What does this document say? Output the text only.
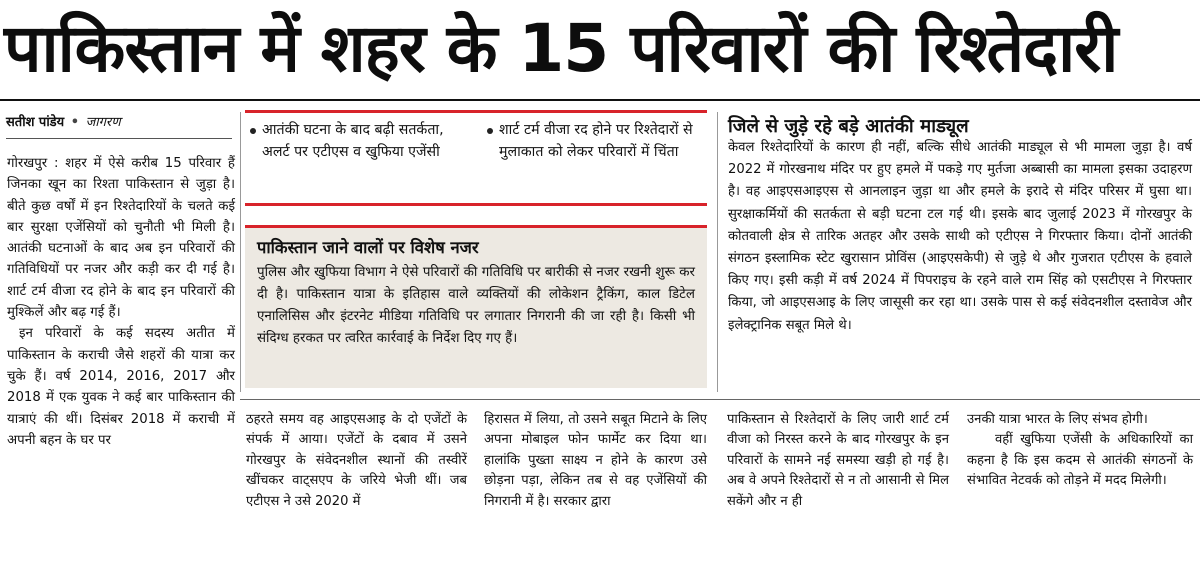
पाकिस्तान में शहर के 15 परिवारों की रिश्तेदारी
सतीश पांडेय • जागरण

गोरखपुर : शहर में ऐसे करीब 15 परिवार हैं जिनका खून का रिश्ता पाकिस्तान से जुड़ा है। बीते कुछ वर्षों में इन रिश्तेदारियों के चलते कई बार सुरक्षा एजेंसियों को चुनौती भी मिली है। आतंकी घटनाओं के बाद अब इन परिवारों की गतिविधियों पर नजर और कड़ी कर दी गई है। शार्ट टर्म वीजा रद होने के बाद इन परिवारों की मुश्किलें और बढ़ गई हैं।

इन परिवारों के कई सदस्य अतीत में पाकिस्तान के कराची जैसे शहरों की यात्रा कर चुके हैं। वर्ष 2014, 2016, 2017 और 2018 में एक युवक ने कई बार पाकिस्तान की यात्राएं की थीं। दिसंबर 2018 में कराची में अपनी बहन के घर पर

आतंकी घटना के बाद बढ़ी सतर्कता, अलर्ट पर एटीएस व खुफिया एजेंसी
शार्ट टर्म वीजा रद होने पर रिश्तेदारों से मुलाकात को लेकर परिवारों में चिंता
पाकिस्तान जाने वालों पर विशेष नजर

पुलिस और खुफिया विभाग ने ऐसे परिवारों की गतिविधि पर बारीकी से नजर रखनी शुरू कर दी है। पाकिस्तान यात्रा के इतिहास वाले व्यक्तियों की लोकेशन ट्रैकिंग, काल डिटेल एनालिसिस और इंटरनेट मीडिया गतिविधि पर लगातार निगरानी की जा रही है। किसी भी संदिग्ध हरकत पर त्वरित कार्रवाई के निर्देश दिए गए हैं।

जिले से जुड़े रहे बड़े आतंकी माड्यूल

केवल रिश्तेदारियों के कारण ही नहीं, बल्कि सीधे आतंकी माड्यूल से भी मामला जुड़ा है। वर्ष 2022 में गोरखनाथ मंदिर पर हुए हमले में पकड़े गए मुर्तजा अब्बासी का मामला इसका उदाहरण है। वह आइएसआइएस से आनलाइन जुड़ा था और हमले के इरादे से मंदिर परिसर में घुसा था। सुरक्षाकर्मियों की सतर्कता से बड़ी घटना टल गई थी। इसके बाद जुलाई 2023 में गोरखपुर के कोतवाली क्षेत्र से तारिक अतहर और उसके साथी को एटीएस ने गिरफ्तार किया। दोनों आतंकी संगठन इस्लामिक स्टेट खुरासान प्रोविंस (आइएसकेपी) से जुड़े थे और गुजरात एटीएस के हवाले किए गए। इसी कड़ी में वर्ष 2024 में पिपराइच के रहने वाले राम सिंह को एसटीएस ने गिरफ्तार किया, जो आइएसआइ के लिए जासूसी कर रहा था। उसके पास से कई संवेदनशील दस्तावेज और इलेक्ट्रानिक सबूत मिले थे।

ठहरते समय वह आइएसआइ के दो एजेंटों के संपर्क में आया। एजेंटों के दबाव में उसने गोरखपुर के संवेदनशील स्थानों की तस्वीरें खींचकर वाट्सएप के जरिये भेजी थीं। जब एटीएस ने उसे 2020 में

हिरासत में लिया, तो उसने सबूत मिटाने के लिए अपना मोबाइल फोन फार्मेट कर दिया था। हालांकि पुख्ता साक्ष्य न होने के कारण उसे छोड़ना पड़ा, लेकिन तब से वह एजेंसियों की निगरानी में है। सरकार द्वारा

पाकिस्तान से रिश्तेदारों के लिए जारी शार्ट टर्म वीजा को निरस्त करने के बाद गोरखपुर के इन परिवारों के सामने नई समस्या खड़ी हो गई है। अब वे अपने रिश्तेदारों से न तो आसानी से मिल सकेंगे और न ही

उनकी यात्रा भारत के लिए संभव होगी।

वहीं खुफिया एजेंसी के अधिकारियों का कहना है कि इस कदम से आतंकी संगठनों के संभावित नेटवर्क को तोड़ने में मदद मिलेगी।
